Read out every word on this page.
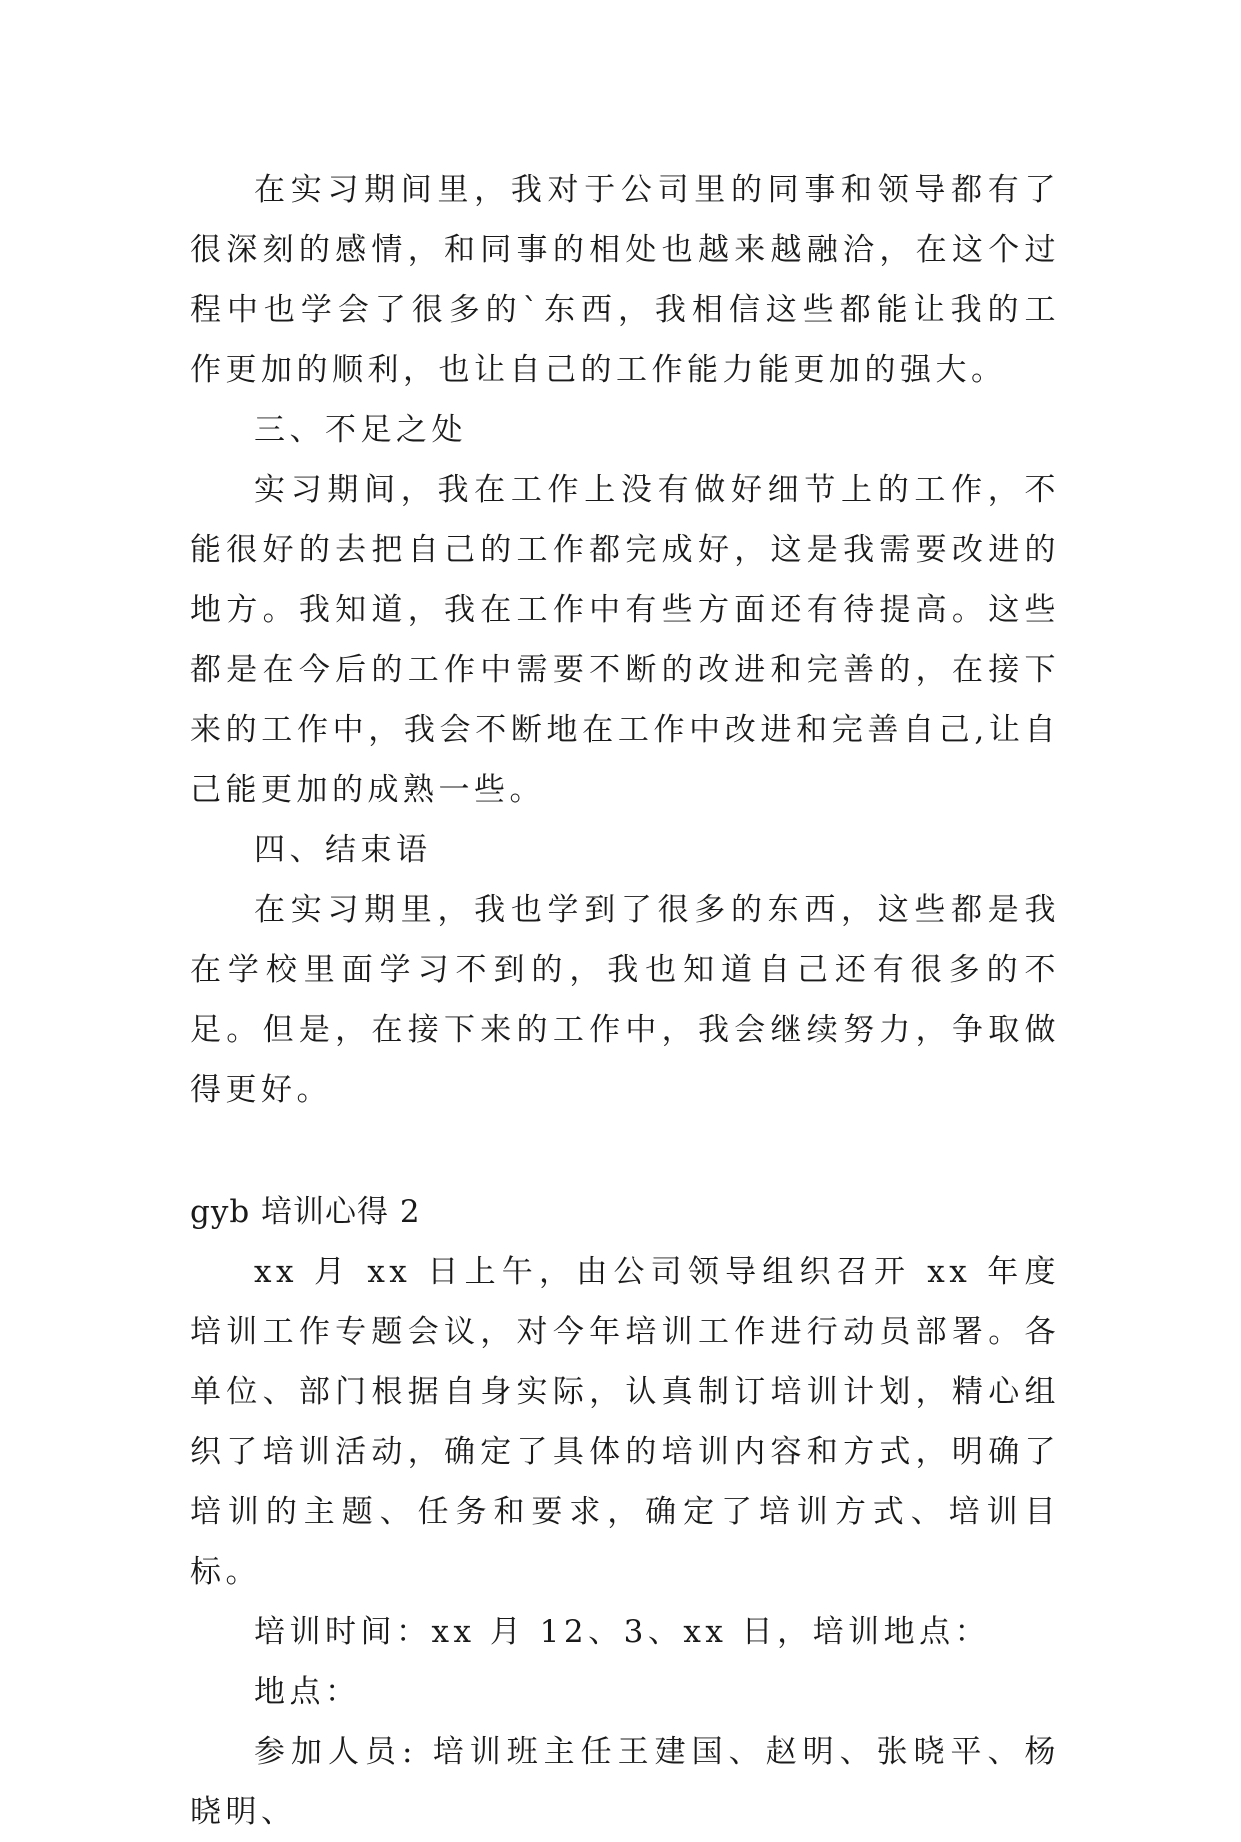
在实习期间里，我对于公司里的同事和领导都有了很深刻的感情，和同事的相处也越来越融洽，在这个过程中也学会了很多的`东西，我相信这些都能让我的工作更加的顺利，也让自己的工作能力能更加的强大。

三、不足之处

实习期间，我在工作上没有做好细节上的工作，不能很好的去把自己的工作都完成好，这是我需要改进的地方。我知道，我在工作中有些方面还有待提高。这些都是在今后的工作中需要不断的改进和完善的，在接下来的工作中，我会不断地在工作中改进和完善自己,让自己能更加的成熟一些。

四、结束语

在实习期里，我也学到了很多的东西，这些都是我在学校里面学习不到的，我也知道自己还有很多的不足。但是，在接下来的工作中，我会继续努力，争取做得更好。

gyb 培训心得 2

xx 月 xx 日上午，由公司领导组织召开 xx 年度培训工作专题会议，对今年培训工作进行动员部署。各单位、部门根据自身实际，认真制订培训计划，精心组织了培训活动，确定了具体的培训内容和方式，明确了培训的主题、任务和要求，确定了培训方式、培训目标。

培训时间：xx 月 12、3、xx 日，培训地点：

地点：

参加人员: 培训班主任王建国、赵明、张晓平、杨晓明、
